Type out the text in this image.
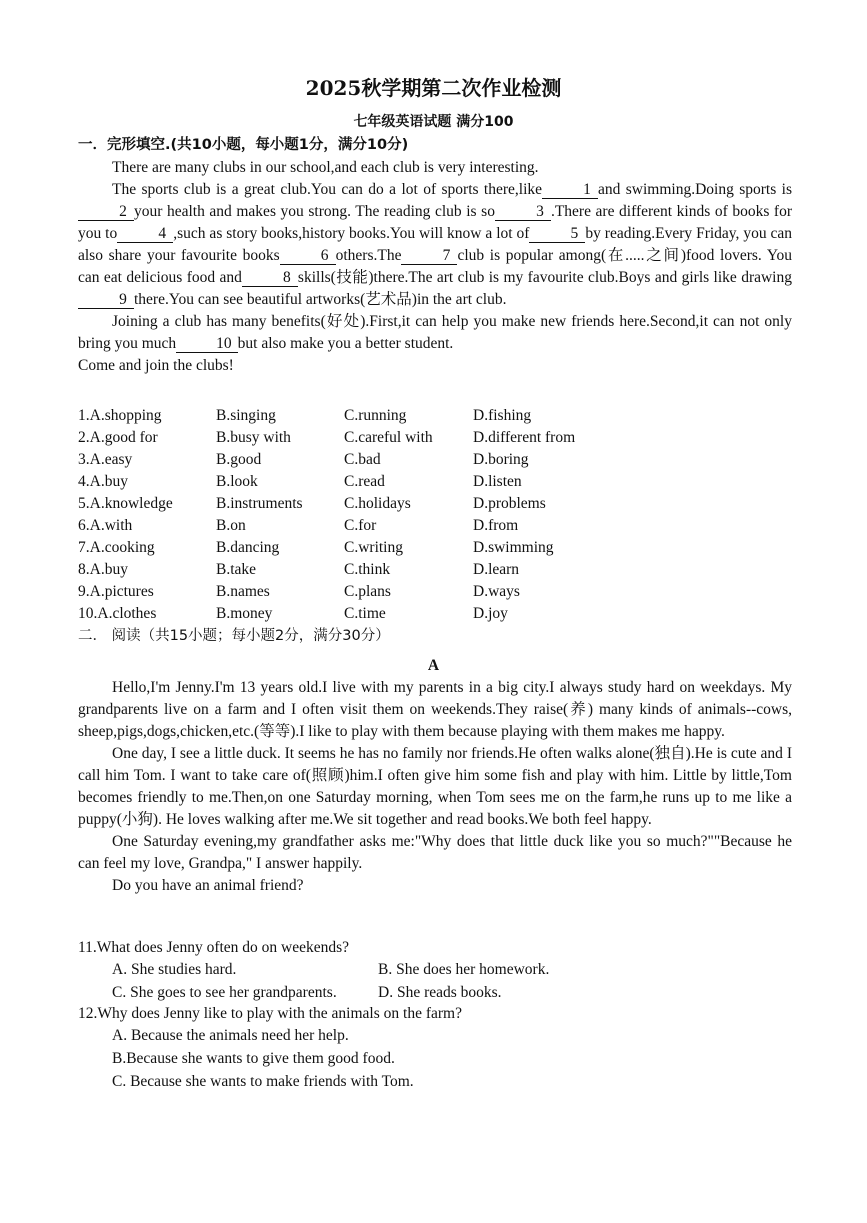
2025秋学期第二次作业检测
七年级英语试题 满分100
一．完形填空.(共10小题，每小题1分，满分10分)

There are many clubs in our school,and each club is very interesting.

The sports club is a great club.You can do a lot of sports there,like	1 and swimming.Doing sports is2 your health and makes you strong. The reading club is so	3 .There are different kinds of books for you to	4 ,such as story books,history books.You will know a lot of	5 by reading.Every Friday, you can also share your favourite books	6 others.The	7 club is popular among(在.....之间)food lovers. You can eat delicious food and	8 skills(技能)there.The art club is my favourite club.Boys and girls like drawing9 there.You can see beautiful artworks(艺术品)in the art club.

Joining a club has many benefits(好处).First,it can help you make new friends here.Second,it can not only bring you much	10 but also make you a better student.

Come and join the clubs!

1.A.shopping	B.singing	C.running	D.fishing
2.A.good for	B.busy with	C.careful with	D.different from
3.A.easy	B.good	C.bad	D.boring
4.A.buy	B.look	C.read	D.listen
5.A.knowledge	B.instruments	C.holidays	D.problems
6.A.with	B.on	C.for	D.from
7.A.cooking	B.dancing	C.writing	D.swimming
8.A.buy	B.take	C.think	D.learn
9.A.pictures	B.names	C.plans	D.ways
10.A.clothes	B.money	C.time	D.joy
二． 阅读（共15小题；每小题2分，满分30分）
A

Hello,I'm Jenny.I'm 13 years old.I live with my parents in a big city.I always study hard on weekdays. My grandparents live on a farm and I often visit them on weekends.They raise(养) many kinds of animals--cows, sheep,pigs,dogs,chicken,etc.(等等).I like to play with them because playing with them makes me happy.

One day, I see a little duck. It seems he has no family nor friends.He often walks alone(独自).He is cute and I call him Tom. I want to take care of(照顾)him.I often give him some fish and play with him. Little by little,Tom becomes friendly to me.Then,on one Saturday morning, when Tom sees me on the farm,he runs up to me like a puppy(小狗). He loves walking after me.We sit together and read books.We both feel happy.

One Saturday evening,my grandfather asks me:"Why does that little duck like you so much?""Because he can feel my love, Grandpa," I answer happily.

Do you have an animal friend?

11.What does Jenny often do on weekends?
A. She studies hard.	B. She does her homework.
C. She goes to see her grandparents.	D. She reads books.
12.Why does Jenny like to play with the animals on the farm?
A. Because the animals need her help.
B.Because she wants to give them good food.
C. Because she wants to make friends with Tom.
